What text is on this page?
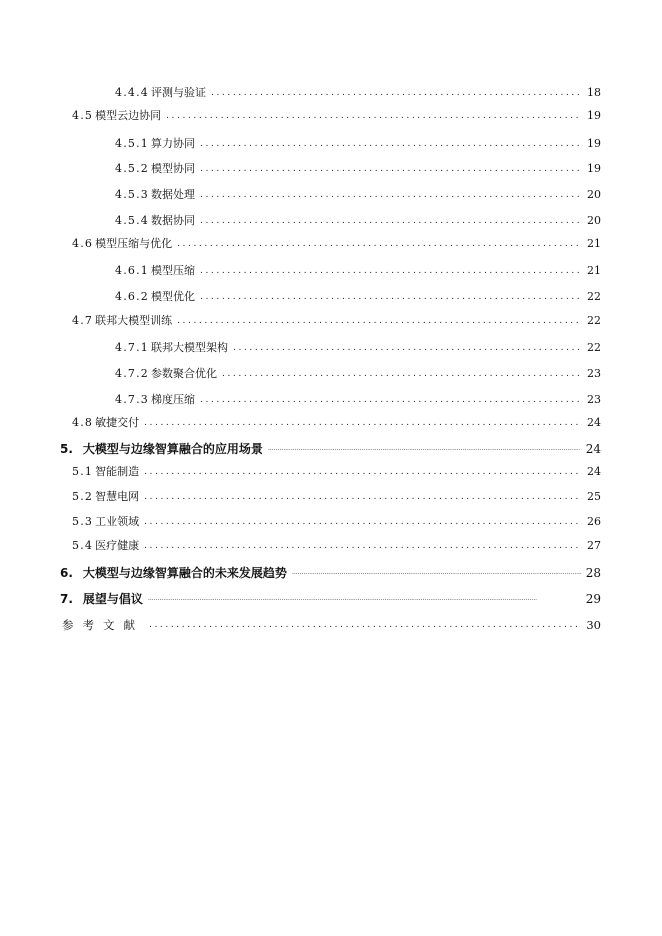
4.4.4 评测与验证 .....	18
4.5 模型云边协同 .....	19
4.5.1 算力协同 .....	19
4.5.2 模型协同 .....	19
4.5.3 数据处理 .....	20
4.5.4 数据协同 .....	20
4.6 模型压缩与优化 .....	21
4.6.1 模型压缩 .....	21
4.6.2 模型优化 .....	22
4.7 联邦大模型训练 .....	22
4.7.1 联邦大模型架构 .....	22
4.7.2 参数聚合优化 .....	23
4.7.3 梯度压缩 .....	23
4.8 敏捷交付 .....	24
5. 大模型与边缘智算融合的应用场景 .....	24
5.1 智能制造 .....	24
5.2 智慧电网 .....	25
5.3 工业领域 .....	26
5.4 医疗健康 .....	27
6. 大模型与边缘智算融合的未来发展趋势 .....	28
7. 展望与倡议 .....	29
参考文献 .....	30
